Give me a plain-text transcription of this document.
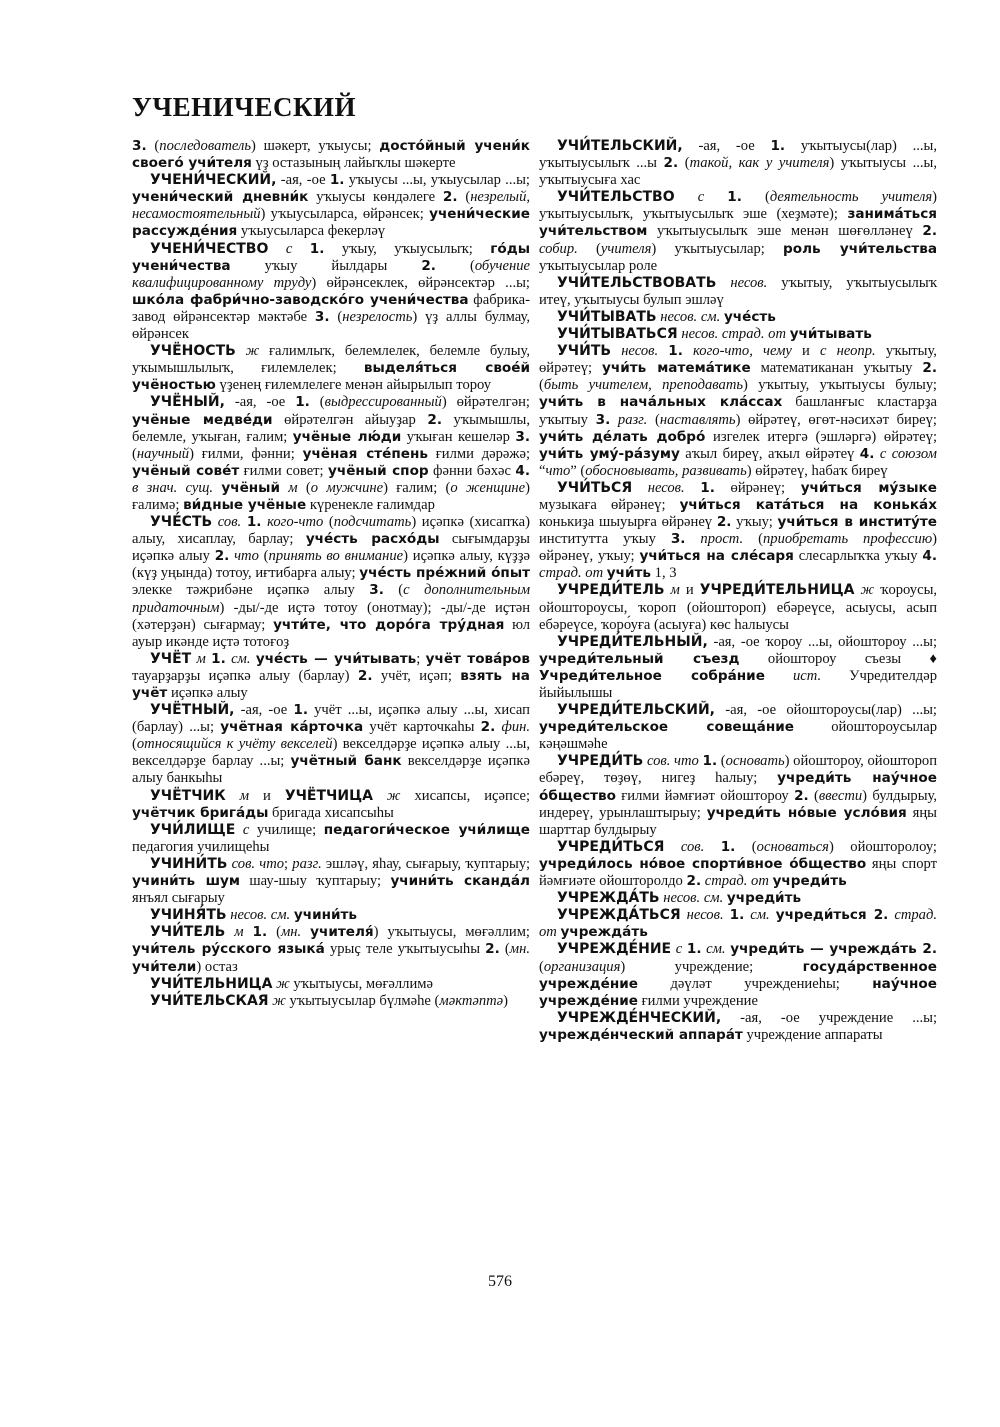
УЧЕНИЧЕСКИЙ

3. (последователь) шәкерт, уҡыусы; досто́йный учени́к своего́ учи́теля үҙ остазының лайыҡлы шәкерте

УЧЕНИ́ЧЕСКИЙ, -ая, -ое 1. уҡыусы ...ы, уҡыусылар ...ы; учени́ческий дневни́к уҡыусы көндәлеге 2. (незрелый, несамостоятельный) уҡыусыларса, өйрәнсек; учени́ческие рассужде́ния уҡыусыларса фекерләү

УЧЕНИ́ЧЕСТВО с 1. уҡыу, уҡыусылыҡ; го́ды учени́чества уҡыу йылдары 2. (обучение квалифицированному труду) өйрәнсеклек, өйрәнсектәр ...ы; шко́ла фабри́чно-заводско́го учени́чества фабрика-завод өйрәнсектәр мәктәбе 3. (незрелость) үҙ аллы булмау, өйрәнсек

УЧЁНОСТЬ ж ғалимлыҡ, белемлелек, белемле булыу, уҡымышлылыҡ, ғилемлелек; выделя́ться свое́й учёностью үҙенең ғилемлелеге менән айырылып тороу

УЧЁНЫЙ, -ая, -ое 1. (выдрессированный) өйрәтелгән; учёные медве́ди өйрәтелгән айыуҙар 2. уҡымышлы, белемле, уҡыған, ғалим; учёные лю́ди уҡыған кешеләр 3. (научный) ғилми, фәнни; учёная сте́пень ғилми дәрәжә; учёный сове́т ғилми совет; учёный спор фәнни бәхәс 4. в знач. сущ. учёный м (о мужчине) ғалим; (о женщине) ғалимә; ви́дные учёные күренекле ғалимдар

УЧЕ́СТЬ сов. 1. кого-что (подсчитать) иҫәпкә (хисапҡа) алыу, хисаплау, барлау; уче́сть расхо́ды сығымдарҙы иҫәпкә алыу 2. что (принять во внимание) иҫәпкә алыу, күҙҙә (күҙ уңында) тотоу, иғтибарға алыу; уче́сть пре́жний о́пыт элекке тәжрибәне иҫәпкә алыу 3. (с дополнительным придаточным) -ды/-де иҫтә тотоу (онотмау); -ды/-де иҫтән (хәтерҙән) сығармау; учти́те, что доро́га тру́дная юл ауыр икәнде иҫтә тотоғоҙ

УЧЁТ м 1. см. уче́сть — учи́тывать; учёт това́ров тауарҙарҙы иҫәпкә алыу (барлау) 2. учёт, иҫәп; взять на учёт иҫәпкә алыу

УЧЁТНЫЙ, -ая, -ое 1. учёт ...ы, иҫәпкә алыу ...ы, хисап (барлау) ...ы; учётная ка́рточка учёт карточкаһы 2. фин. (относящийся к учёту векселей) векселдәрҙе иҫәпкә алыу ...ы, векселдәрҙе барлау ...ы; учётный банк векселдәрҙе иҫәпкә алыу банкыһы

УЧЁТЧИК м и УЧЁТЧИЦА ж хисапсы, иҫәпсе; учётчик брига́ды бригада хисапсыһы

УЧИ́ЛИЩЕ с училище; педагоги́ческое учи́лище педагогия училищеһы

УЧИНИ́ТЬ сов. что; разг. эшләү, яһау, сығарыу, ҡуптарыу; учини́ть шум шау-шыу ҡуптарыу; учини́ть сканда́л янъял сығарыу

УЧИНЯ́ТЬ несов. см. учини́ть

УЧИ́ТЕЛЬ м 1. (мн. учителя́) уҡытыусы, мөғәллим; учи́тель ру́сского языка́ урыҫ теле уҡытыусыһы 2. (мн. учи́тели) остаз

УЧИ́ТЕЛЬНИЦА ж уҡытыусы, мөғәллимә

УЧИ́ТЕЛЬСКАЯ ж уҡытыусылар бүлмәһе (мәктәптә)

УЧИ́ТЕЛЬСКИЙ, -ая, -ое 1. уҡытыусы(лар) ...ы, уҡытыусылыҡ ...ы 2. (такой, как у учителя) уҡытыусы ...ы, уҡытыусыға хас

УЧИ́ТЕЛЬСТВО с 1. (деятельность учителя) уҡытыусылыҡ, уҡытыусылыҡ эше (хеҙмәте); занима́ться учи́тельством уҡытыусылыҡ эше менән шөғөлләнеү 2. собир. (учителя) уҡытыусылар; роль учи́тельства уҡытыусылар роле

УЧИ́ТЕЛЬСТВОВАТЬ несов. уҡытыу, уҡытыусылыҡ итеү, уҡытыусы булып эшләү

УЧИ́ТЫВАТЬ несов. см. уче́сть

УЧИ́ТЫВАТЬСЯ несов. страд. от учи́тывать

УЧИ́ТЬ несов. 1. кого-что, чему и с неопр. уҡытыу, өйрәтеү; учи́ть матема́тике математиканан уҡытыу 2. (быть учителем, преподавать) уҡытыу, уҡытыусы булыу; учи́ть в нача́льных кла́ссах башланғыс кластарҙа уҡытыу 3. разг. (наставлять) өйрәтеү, өгөт-нәсихәт биреү; учи́ть де́лать добро́ изгелек итергә (эшләргә) өйрәтеү; учи́ть уму́-ра́зуму аҡыл биреү, аҡыл өйрәтеү 4. с союзом “что” (обосновывать, развивать) өйрәтеү, һабаҡ биреү

УЧИ́ТЬСЯ несов. 1. өйрәнеү; учи́ться му́зыке музыкаға өйрәнеү; учи́ться ката́ться на конька́х конькиҙа шыуырға өйрәнеү 2. уҡыу; учи́ться в институ́те институтта уҡыу 3. прост. (приобретать профессию) өйрәнеү, уҡыу; учи́ться на сле́саря слесарлыҡҡа уҡыу 4. страд. от учи́ть 1, 3

УЧРЕДИ́ТЕЛЬ м и УЧРЕДИ́ТЕЛЬНИЦА ж ҡороусы, ойоштороусы, ҡороп (ойоштороп) ебәреүсе, асыусы, асып ебәреүсе, ҡоро́уға (асыуға) көс һалыусы

УЧРЕДИ́ТЕЛЬНЫЙ, -ая, -ое ҡороу ...ы, ойоштороу ...ы; учреди́тельный съезд ойоштороу съезы ♦ Учреди́тельное собра́ние ист. Учредителдәр йыйылышы

УЧРЕДИ́ТЕЛЬСКИЙ, -ая, -ое ойоштороусы(лар) ...ы; учреди́тельское совеща́ние ойоштороусылар кәңәшмәһе

УЧРЕДИ́ТЬ сов. что 1. (основать) ойоштороу, ойоштороп ебәреү, төҙөү, нигеҙ һалыу; учреди́ть нау́чное о́бщество ғилми йәмғиәт ойоштороу 2. (ввести) булдырыу, индереү, урынлаштырыу; учреди́ть но́вые усло́вия яңы шарттар булдырыу

УЧРЕДИ́ТЬСЯ сов. 1. (основаться) ойошторолоу; учреди́лось но́вое спорти́вное о́бщество яңы спорт йәмғиәте ойошторолдо 2. страд. от учреди́ть

УЧРЕЖДА́ТЬ несов. см. учреди́ть

УЧРЕЖДА́ТЬСЯ несов. 1. см. учреди́ться 2. страд. от учрежда́ть

УЧРЕЖДЕ́НИЕ с 1. см. учреди́ть — учрежда́ть 2. (организация) учреждение; госуда́рственное учрежде́ние дәүләт учреждениеһы; нау́чное учрежде́ние ғилми учреждение

УЧРЕЖДЕ́НЧЕСКИЙ, -ая, -ое учреждение ...ы; учрежде́нческий аппара́т учреждение аппараты

576
